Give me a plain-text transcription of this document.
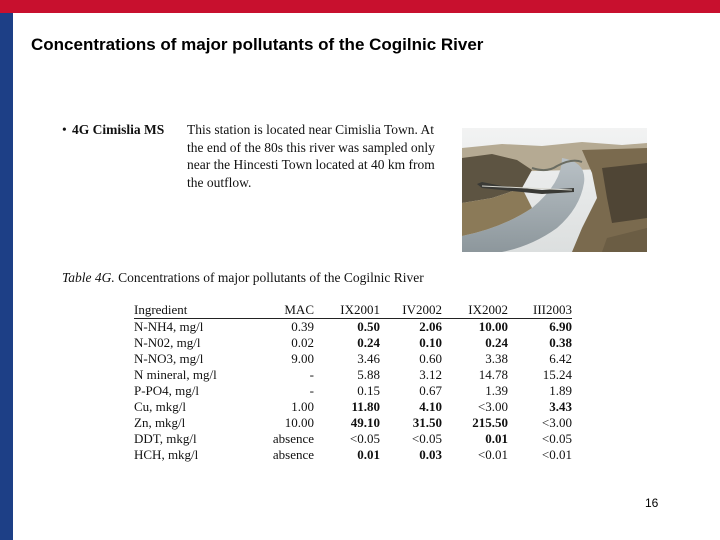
Concentrations of major pollutants of the Cogilnic River
• 4G Cimislia MS This station is located near Cimislia Town. At the end of the 80s this river was sampled only near the Hincesti Town located at 40 km from the outflow.

Table 4G. Concentrations of major pollutants of the Cogilnic River

Ingredient	MAC	IX2001	IV2002	IX2002	III2003
N-NH4, mg/l	0.39	0.50	2.06	10.00	6.90
N-N02, mg/l	0.02	0.24	0.10	0.24	0.38
N-NO3, mg/l	9.00	3.46	0.60	3.38	6.42
N mineral, mg/l	-	5.88	3.12	14.78	15.24
P-PO4, mg/l	-	0.15	0.67	1.39	1.89
Cu, mkg/l	1.00	11.80	4.10	<3.00	3.43
Zn, mkg/l	10.00	49.10	31.50	215.50	<3.00
DDT, mkg/l	absence	<0.05	<0.05	0.01	<0.05
HCH, mkg/l	absence	0.01	0.03	<0.01	<0.01
16
